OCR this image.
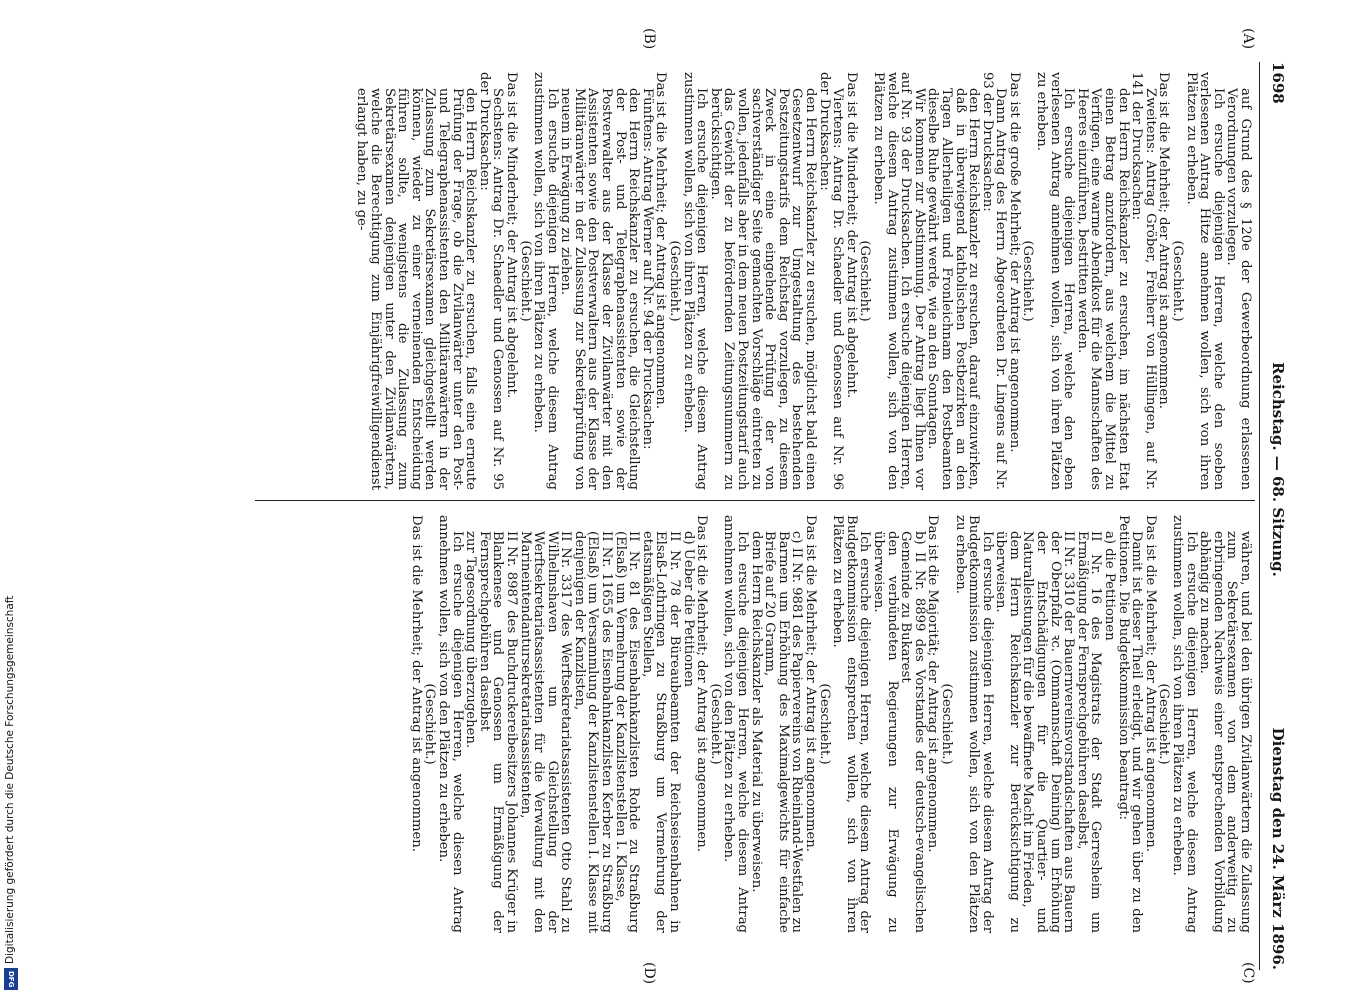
1698
Reichstag. — 68. Sitzung.
Dienstag den 24. März 1896.
(A)
(B)
(C)
(D)

auf Grund des § 120e der Gewerbeordnung erlassenen Verordnungen vorzulegen.

Ich ersuche diejenigen Herren, welche den soeben verlesenen Antrag Hitze annehmen wollen, sich von ihren Plätzen zu erheben.

(Geschieht.)

Das ist die Mehrheit; der Antrag ist angenommen.

Zweitens: Antrag Gröber, Freiherr von Hüllingen, auf Nr. 141 der Drucksachen:

den Herrn Reichskanzler zu ersuchen, im nächsten Etat einen Betrag anzufordern, aus welchem die Mittel zu Verfügen, eine warme Abendkost für die Mannschaften des Heeres einzuführen, bestritten werden.

Ich ersuche diejenigen Herren, welche den eben verlesenen Antrag annehmen wollen, sich von ihren Plätzen zu erheben.

(Geschieht.)

Das ist die große Mehrheit; der Antrag ist angenommen.

Dann Antrag des Herrn Abgeordneten Dr. Lingens auf Nr. 93 der Drucksachen:

den Herrn Reichskanzler zu ersuchen, darauf einzuwirken, daß in überwiegend katholischen Postbezirken an den Tagen Allerheiligen und Fronleichnam den Postbeamten dieselbe Ruhe gewährt werde, wie an den Sonntagen.

Wir kommen zur Abstimmung. Der Antrag liegt Ihnen vor auf Nr. 93 der Drucksachen. Ich ersuche diejenigen Herren, welche diesem Antrag zustimmen wollen, sich von den Plätzen zu erheben.

(Geschieht.)

Das ist die Minderheit; der Antrag ist abgelehnt.

Viertens: Antrag Dr. Schaedler und Genossen auf Nr. 96 der Drucksachen:

den Herrn Reichskanzler zu ersuchen, möglichst bald einen Gesetzentwurf zur Umgestaltung des bestehenden Postzeitungstarifs dem Reichstag vorzulegen, zu diesem Zweck in eine eingehende Prüfung der von sachverständiger Seite gemachten Vorschläge eintreten zu wollen, jedenfalls aber in dem neuen Postzeitungstarif auch das Gewicht der zu befördernden Zeitungsnummern zu berücksichtigen.

Ich ersuche diejenigen Herren, welche diesem Antrag zustimmen wollen, sich von ihren Plätzen zu erheben.

(Geschieht.)

Das ist die Mehrheit; der Antrag ist angenommen.

Fünftens: Antrag Werner auf Nr. 94 der Drucksachen:

den Herrn Reichskanzler zu ersuchen, die Gleichstellung der Post- und Telegraphenassistenten sowie der Postverwalter aus der Klasse der Zivilanwärter mit den Assistenten sowie den Postverwaltern aus der Klasse der Militäranwärter in der Zulassung zur Sekretärprüfung von neuem in Erwägung zu ziehen.

Ich ersuche diejenigen Herren, welche diesem Antrag zustimmen wollen, sich von ihren Plätzen zu erheben.

(Geschieht.)

Das ist die Minderheit; der Antrag ist abgelehnt.

Sechstens: Antrag Dr. Schaedler und Genossen auf Nr. 95 der Drucksachen:

den Herrn Reichskanzler zu ersuchen, falls eine erneute Prüfung der Frage, ob die Zivilanwärter unter den Post- und Telegraphenassistenten den Militäranwärtern in der Zulassung zum Sekretärsexamen gleichgestellt werden können, wieder zu einer verneinenden Entscheidung führen sollte, wenigstens die Zulassung zum Sekretärsexamen denjenigen unter den Zivilanwärtern, welche die Berechtigung zum Einjährigfreiwilligendienst erlangt haben, zu ge-

währen, und bei den übrigen Zivilanwärtern die Zulassung zum Sekretärsexamen von dem anderweitig zu erbringenden Nachweis einer entsprechenden Vorbildung abhängig zu machen.

Ich ersuche diejenigen Herren, welche diesem Antrag zustimmen wollen, sich von ihren Plätzen zu erheben.

(Geschieht.)

Das ist die Mehrheit; der Antrag ist angenommen.

Damit ist dieser Theil erledigt, und wir gehen über zu den Petitionen. Die Budgetkommission beantragt:

a) die Petitionen

II Nr. 16 des Magistrats der Stadt Gerresheim um Ermäßigung der Fernsprechgebühren daselbst,

II Nr. 3310 der Bauernvereinsvorstandschaften aus Bauern der Oberpfalz ꝛc. (Ommannschaft Deining) um Erhöhung der Entschädigungen für die Quartier- und Naturalleistungen für die bewaffnete Macht im Frieden,

dem Herrn Reichskanzler zur Berücksichtigung zu überweisen.

Ich ersuche diejenigen Herren, welche diesem Antrag der Budgetkommission zustimmen wollen, sich von den Plätzen zu erheben.

(Geschieht.)

Das ist die Majorität; der Antrag ist angenommen.

b) II Nr. 8899 des Vorstandes der deutsch-evangelischen Gemeinde zu Bukarest

den verbündeten Regierungen zur Erwägung zu überweisen.

Ich ersuche diejenigen Herren, welche diesem Antrag der Budgetkommission entsprechen wollen, sich von ihren Plätzen zu erheben.

(Geschieht.)

Das ist die Mehrheit; der Antrag ist angenommen.

c) II Nr. 9881 des Papiervereins von Rheinland-Westfalen zu Barmen um Erhöhung des Maximalgewichts für einfache Briefe auf 20 Gramm,

dem Herrn Reichskanzler als Material zu überweisen.

Ich ersuche diejenigen Herren, welche diesem Antrag annehmen wollen, sich von den Plätzen zu erheben.

(Geschieht.)

Das ist die Mehrheit; der Antrag ist angenommen.

d) Ueber die Petitionen

II Nr. 78 der Büreaubeamten der Reichseisenbahnen in Elsaß-Lothringen zu Straßburg um Vermehrung der etatsmäßigen Stellen,

II Nr. 81 des Eisenbahnkanzlisten Rohde zu Straßburg (Elsaß) um Vermehrung der Kanzlistenstellen I. Klasse,

II Nr. 11655 des Eisenbahnkanzlisten Kerber zu Straßburg (Elsaß) um Versammlung der Kanzlistenstellen I. Klasse mit denjenigen der Kanzlisten,

II Nr. 3317 des Werftsekretariatsassistenten Otto Stahl zu Wilhelmshaven um Gleichstellung der Werftsekretariatsassistenten für die Verwaltung mit den Marineintendantursekretariatsassistenten,

II Nr. 8987 des Buchdruckereibesitzers Johannes Krüger in Blankenese und Genossen um Ermäßigung der Fernsprechgebühren daselbst

zur Tagesordnung überzugehen.

Ich ersuche diejenigen Herren, welche diesen Antrag annehmen wollen, sich von den Plätzen zu erheben.

(Geschieht.)

Das ist die Mehrheit; der Antrag ist angenommen.

Digitalisierung gefördert durch die Deutsche Forschungsgemeinschaft
DFG
